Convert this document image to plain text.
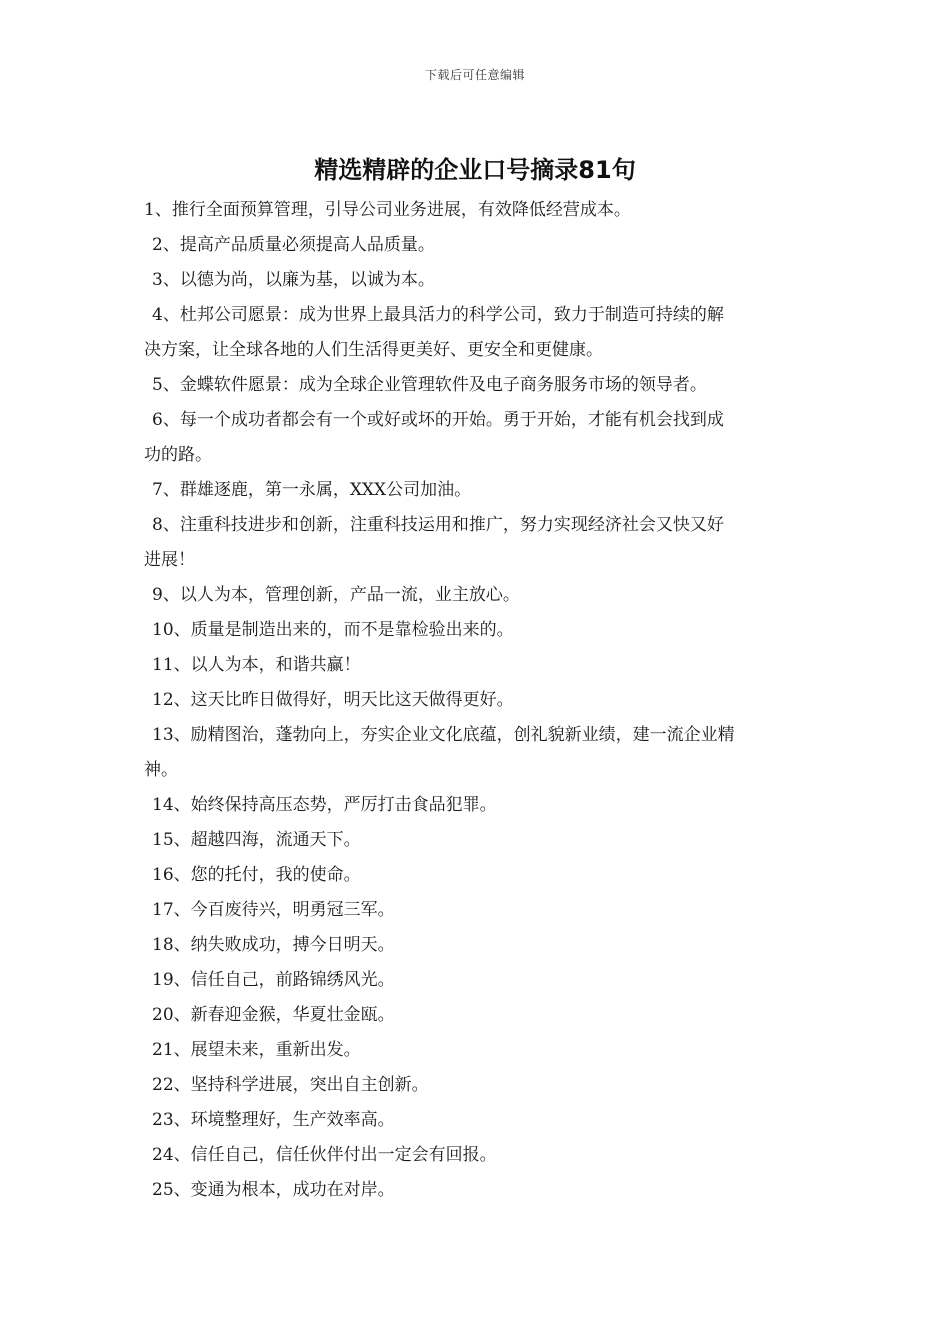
下载后可任意编辑
精选精辟的企业口号摘录81句
1、推行全面预算管理，引导公司业务进展，有效降低经营成本。
2、提高产品质量必须提高人品质量。
3、以德为尚，以廉为基，以诚为本。
4、杜邦公司愿景：成为世界上最具活力的科学公司，致力于制造可持续的解
决方案，让全球各地的人们生活得更美好、更安全和更健康。
5、金蝶软件愿景：成为全球企业管理软件及电子商务服务市场的领导者。
6、每一个成功者都会有一个或好或坏的开始。勇于开始，才能有机会找到成
功的路。
7、群雄逐鹿，第一永属，XXX公司加油。
8、注重科技进步和创新，注重科技运用和推广，努力实现经济社会又快又好
进展！
9、以人为本，管理创新，产品一流，业主放心。
10、质量是制造出来的，而不是靠检验出来的。
11、以人为本，和谐共赢！
12、这天比昨日做得好，明天比这天做得更好。
13、励精图治，蓬勃向上，夯实企业文化底蕴，创礼貌新业绩，建一流企业精
神。
14、始终保持高压态势，严厉打击食品犯罪。
15、超越四海，流通天下。
16、您的托付，我的使命。
17、今百废待兴，明勇冠三军。
18、纳失败成功，搏今日明天。
19、信任自己，前路锦绣风光。
20、新春迎金猴，华夏壮金瓯。
21、展望未来，重新出发。
22、坚持科学进展，突出自主创新。
23、环境整理好，生产效率高。
24、信任自己，信任伙伴付出一定会有回报。
25、变通为根本，成功在对岸。
